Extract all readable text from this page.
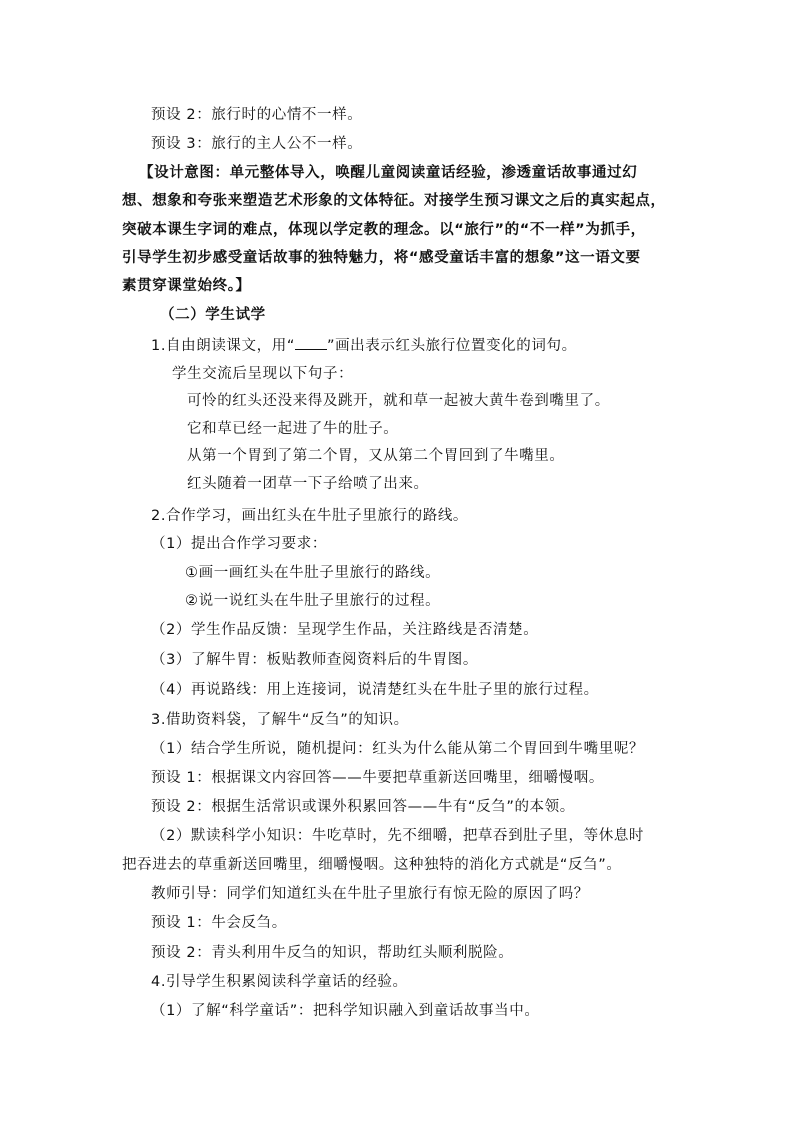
预设 2：旅行时的心情不一样。
预设 3：旅行的主人公不一样。
【设计意图：单元整体导入，唤醒儿童阅读童话经验，渗透童话故事通过幻
想、想象和夸张来塑造艺术形象的文体特征。对接学生预习课文之后的真实起点，
突破本课生字词的难点，体现以学定教的理念。以“旅行”的“不一样”为抓手，
引导学生初步感受童话故事的独特魅力，将“感受童话丰富的想象”这一语文要
素贯穿课堂始终。】
（二）学生试学
1.自由朗读课文，用“ ”画出表示红头旅行位置变化的词句。
学生交流后呈现以下句子：
可怜的红头还没来得及跳开，就和草一起被大黄牛卷到嘴里了。
它和草已经一起进了牛的肚子。
从第一个胃到了第二个胃，又从第二个胃回到了牛嘴里。
红头随着一团草一下子给喷了出来。
2.合作学习，画出红头在牛肚子里旅行的路线。
（1）提出合作学习要求：
①画一画红头在牛肚子里旅行的路线。
②说一说红头在牛肚子里旅行的过程。
（2）学生作品反馈：呈现学生作品，关注路线是否清楚。
（3）了解牛胃：板贴教师查阅资料后的牛胃图。
（4）再说路线：用上连接词，说清楚红头在牛肚子里的旅行过程。
3.借助资料袋，了解牛“反刍”的知识。
（1）结合学生所说，随机提问：红头为什么能从第二个胃回到牛嘴里呢？
预设 1：根据课文内容回答——牛要把草重新送回嘴里，细嚼慢咽。
预设 2：根据生活常识或课外积累回答——牛有“反刍”的本领。
（2）默读科学小知识：牛吃草时，先不细嚼，把草吞到肚子里，等休息时
把吞进去的草重新送回嘴里，细嚼慢咽。这种独特的消化方式就是“反刍”。
教师引导：同学们知道红头在牛肚子里旅行有惊无险的原因了吗？
预设 1：牛会反刍。
预设 2：青头利用牛反刍的知识，帮助红头顺利脱险。
4.引导学生积累阅读科学童话的经验。
（1）了解“科学童话”：把科学知识融入到童话故事当中。
